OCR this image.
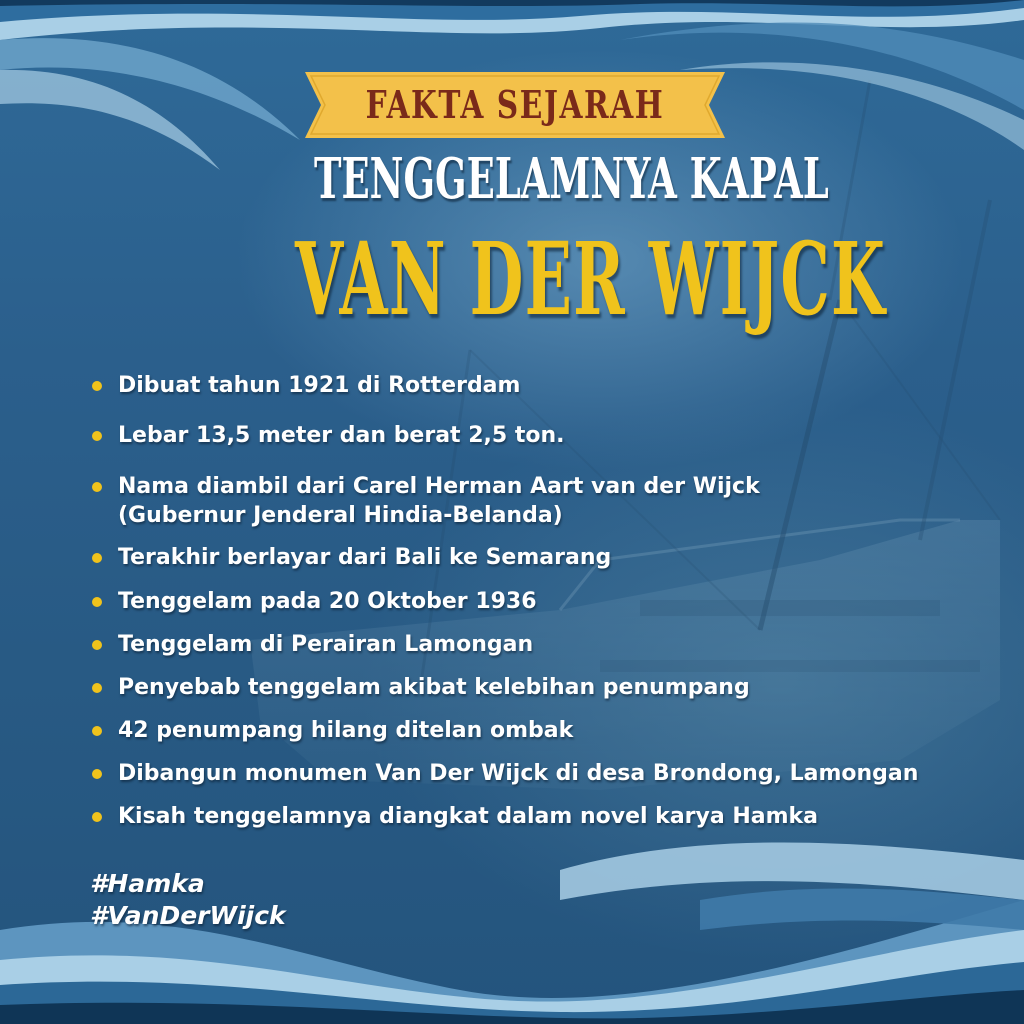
FAKTA SEJARAH
TENGGELAMNYA KAPAL
VAN DER WIJCK
Dibuat tahun 1921 di Rotterdam
Lebar 13,5 meter dan berat 2,5 ton.
Nama diambil dari Carel Herman Aart van der Wijck
(Gubernur Jenderal Hindia-Belanda)
Terakhir berlayar dari Bali ke Semarang
Tenggelam pada 20 Oktober 1936
Tenggelam di Perairan Lamongan
Penyebab tenggelam akibat kelebihan penumpang
42 penumpang hilang ditelan ombak
Dibangun monumen Van Der Wijck di desa Brondong, Lamongan
Kisah tenggelamnya diangkat dalam novel karya Hamka
#Hamka
#VanDerWijck
